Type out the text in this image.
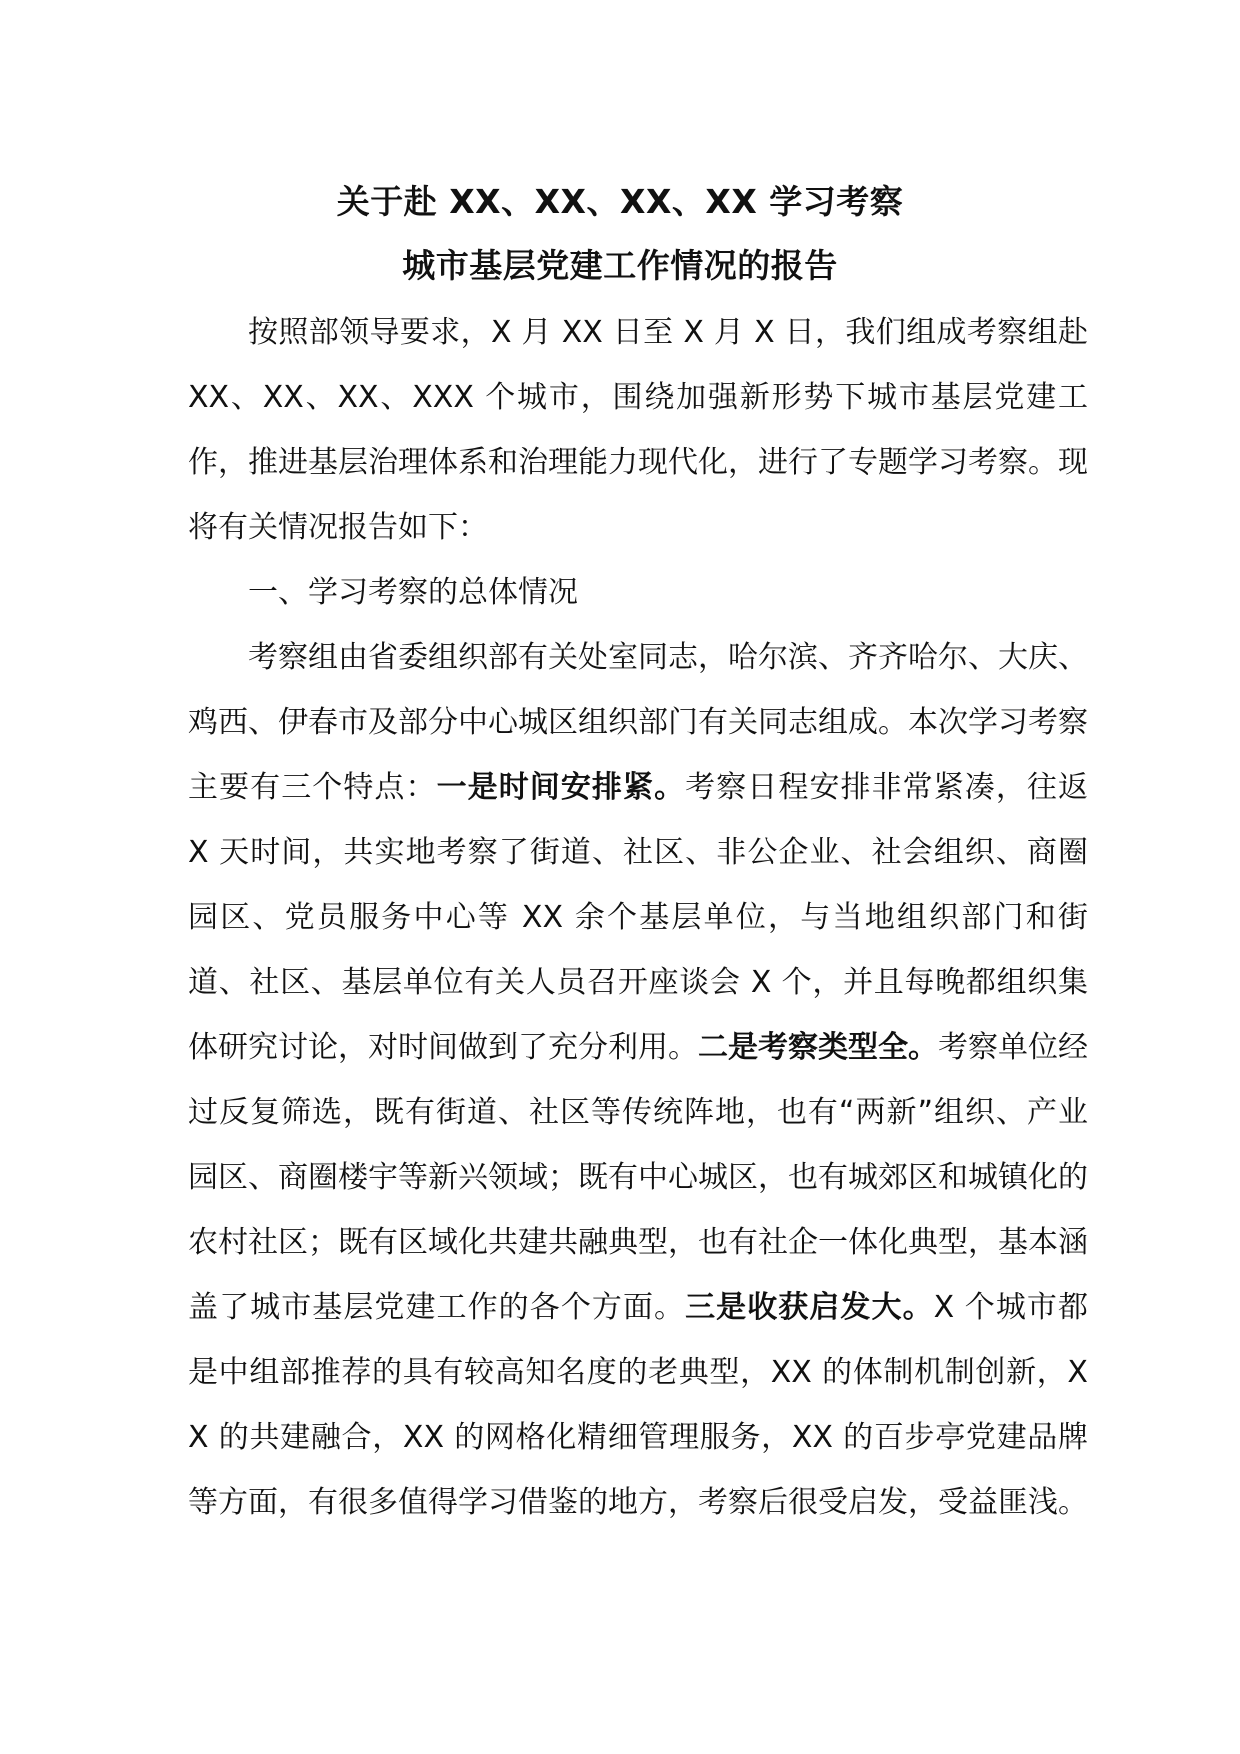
关于赴 XX、XX、XX、XX 学习考察
城市基层党建工作情况的报告

按照部领导要求，X 月 XX 日至 X 月 X 日，我们组成考察组赴 XX、XX、XX、XXX 个城市，围绕加强新形势下城市基层党建工作，推进基层治理体系和治理能力现代化，进行了专题学习考察。现将有关情况报告如下：

一、学习考察的总体情况

考察组由省委组织部有关处室同志，哈尔滨、齐齐哈尔、大庆、鸡西、伊春市及部分中心城区组织部门有关同志组成。本次学习考察主要有三个特点：一是时间安排紧。考察日程安排非常紧凑，往返 X 天时间，共实地考察了街道、社区、非公企业、社会组织、商圈园区、党员服务中心等 XX 余个基层单位，与当地组织部门和街道、社区、基层单位有关人员召开座谈会 X 个，并且每晚都组织集体研究讨论，对时间做到了充分利用。二是考察类型全。考察单位经过反复筛选，既有街道、社区等传统阵地，也有“两新”组织、产业园区、商圈楼宇等新兴领域；既有中心城区，也有城郊区和城镇化的农村社区；既有区域化共建共融典型，也有社企一体化典型，基本涵盖了城市基层党建工作的各个方面。三是收获启发大。X 个城市都是中组部推荐的具有较高知名度的老典型，XX 的体制机制创新，XX 的共建融合，XX 的网格化精细管理服务，XX 的百步亭党建品牌等方面，有很多值得学习借鉴的地方，考察后很受启发，受益匪浅。
